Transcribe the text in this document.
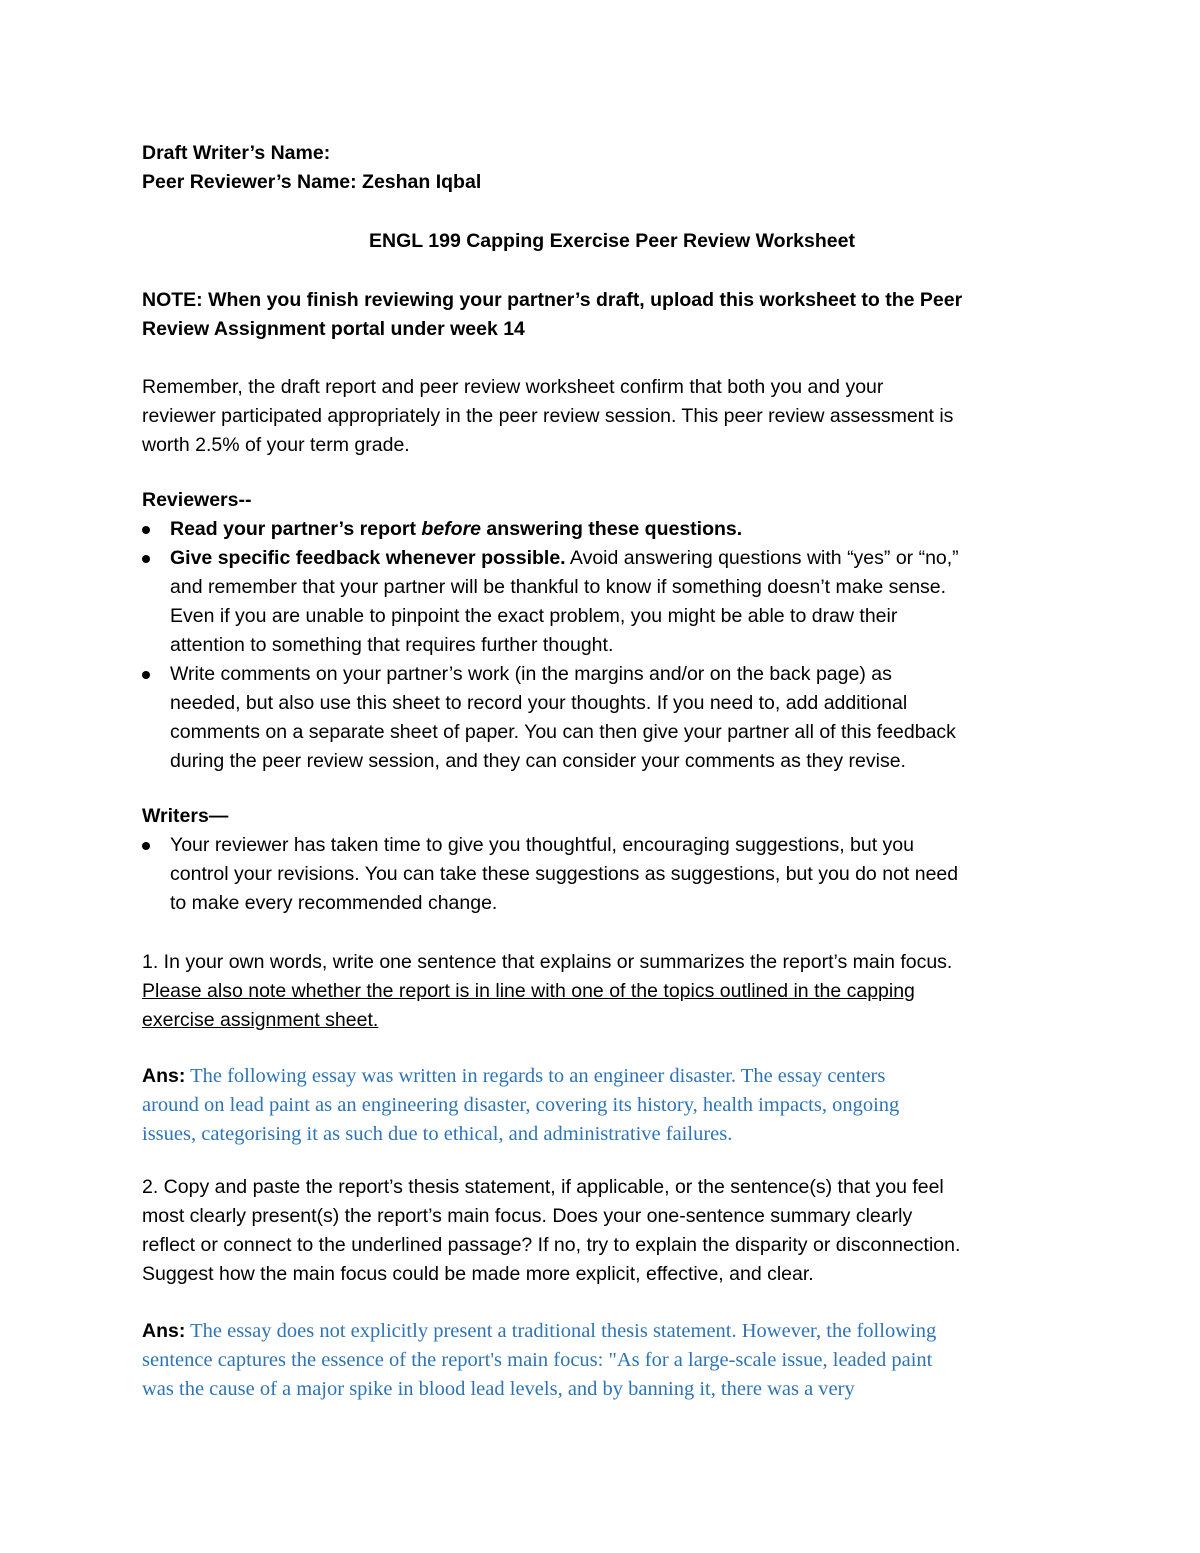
Draft Writer’s Name:
Peer Reviewer’s Name: Zeshan Iqbal
ENGL 199 Capping Exercise Peer Review Worksheet
NOTE: When you finish reviewing your partner’s draft, upload this worksheet to the Peer
Review Assignment portal under week 14
Remember, the draft report and peer review worksheet confirm that both you and your
reviewer participated appropriately in the peer review session. This peer review assessment is
worth 2.5% of your term grade.
Reviewers--
Read your partner’s report before answering these questions.
Give specific feedback whenever possible. Avoid answering questions with “yes” or “no,”
and remember that your partner will be thankful to know if something doesn’t make sense.
Even if you are unable to pinpoint the exact problem, you might be able to draw their
attention to something that requires further thought.
Write comments on your partner’s work (in the margins and/or on the back page) as
needed, but also use this sheet to record your thoughts. If you need to, add additional
comments on a separate sheet of paper. You can then give your partner all of this feedback
during the peer review session, and they can consider your comments as they revise.
Writers—
Your reviewer has taken time to give you thoughtful, encouraging suggestions, but you
control your revisions. You can take these suggestions as suggestions, but you do not need
to make every recommended change.
1. In your own words, write one sentence that explains or summarizes the report’s main focus.
Please also note whether the report is in line with one of the topics outlined in the capping
exercise assignment sheet.
Ans: The following essay was written in regards to an engineer disaster. The essay centers
around on lead paint as an engineering disaster, covering its history, health impacts, ongoing
issues, categorising it as such due to ethical, and administrative failures.
2. Copy and paste the report’s thesis statement, if applicable, or the sentence(s) that you feel
most clearly present(s) the report’s main focus. Does your one-sentence summary clearly
reflect or connect to the underlined passage? If no, try to explain the disparity or disconnection.
Suggest how the main focus could be made more explicit, effective, and clear.
Ans: The essay does not explicitly present a traditional thesis statement. However, the following
sentence captures the essence of the report's main focus: "As for a large-scale issue, leaded paint
was the cause of a major spike in blood lead levels, and by banning it, there was a very
